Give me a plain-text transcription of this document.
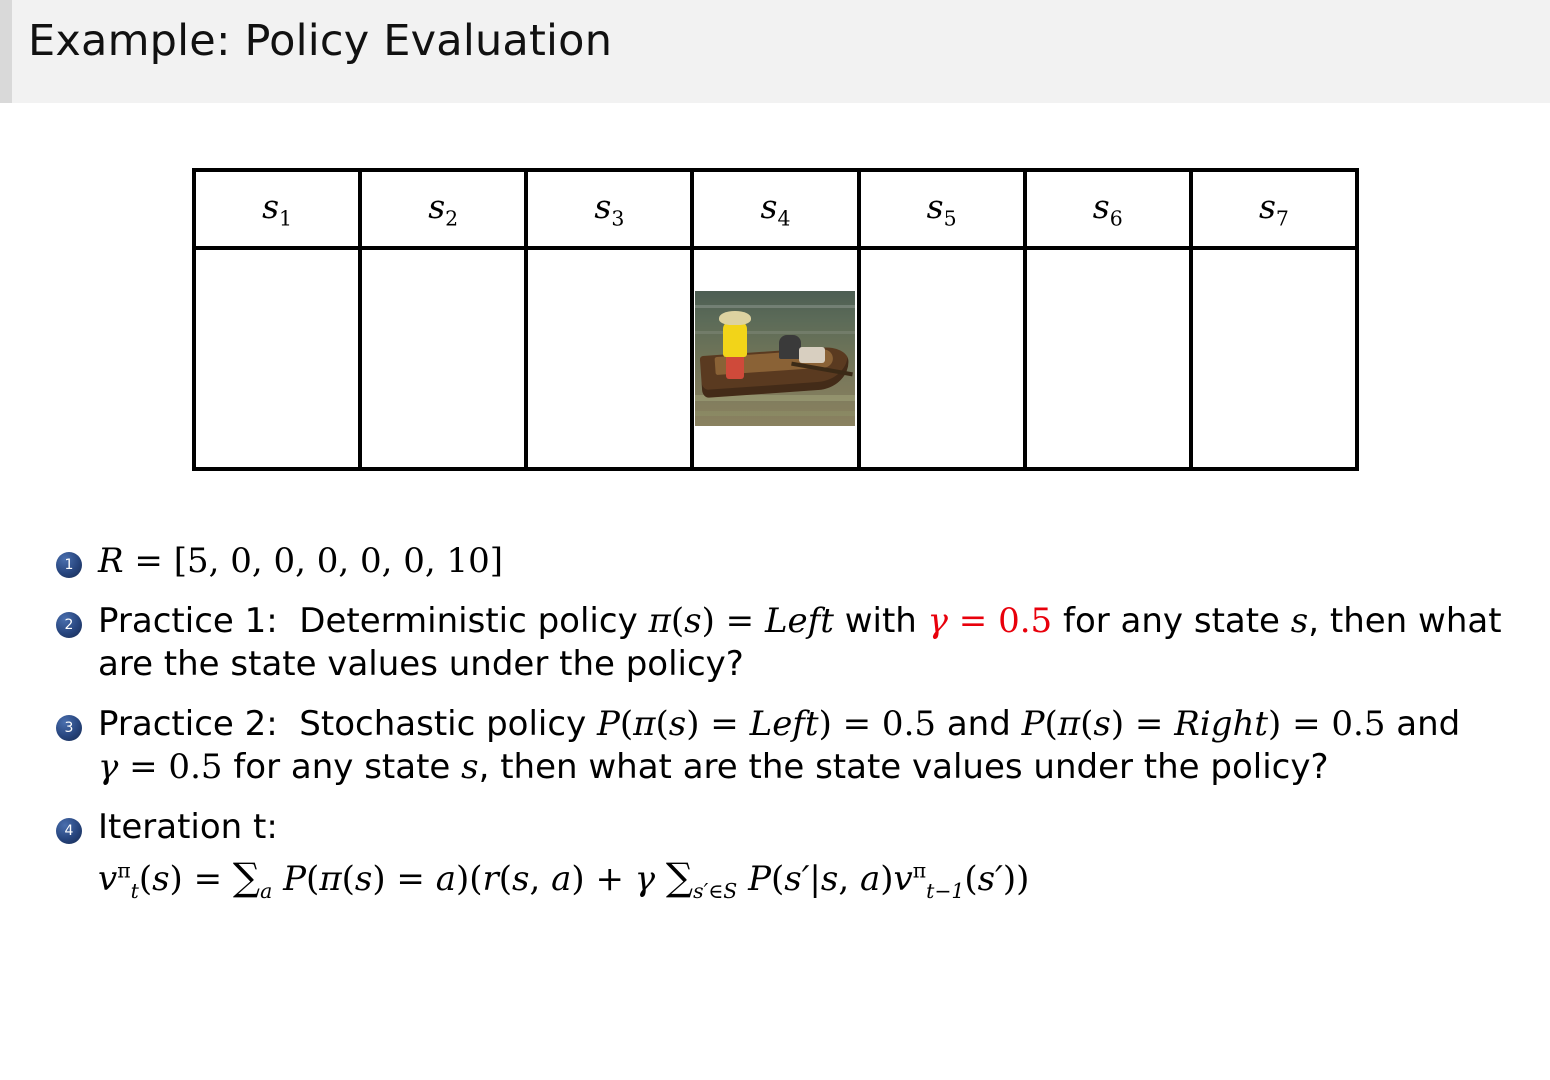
Example: Policy Evaluation
$s_1$	$s_2$	$s_3$	$s_4$	$s_5$	$s_6$	$s_7$
1 R = [5, 0, 0, 0, 0, 0, 10]
2 Practice 1:  Deterministic policy π(s) = Left with γ = 0.5 for any state s, then what are the state values under the policy?
3 Practice 2:  Stochastic policy P(π(s) = Left) = 0.5 and P(π(s) = Right) = 0.5 and γ = 0.5 for any state s, then what are the state values under the policy?
4 Iteration t:
$v^\pi_t(s) = \sum_a$ P(π(s) = a)(r(s, a) + γ $\sum_{s'\in S}$ P(s′|s, $a)v^\pi_{t-1}(s')$)
